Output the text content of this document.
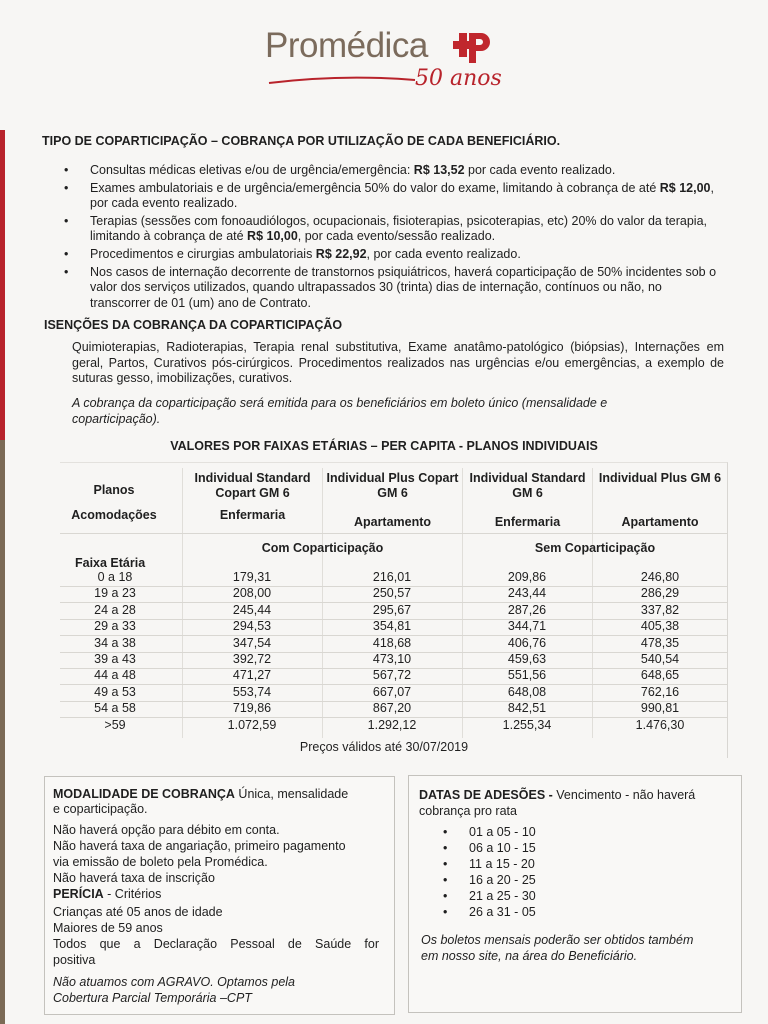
Promédica
50 anos
TIPO DE COPARTICIPAÇÃO – COBRANÇA POR UTILIZAÇÃO DE CADA BENEFICIÁRIO.
• Consultas médicas eletivas e/ou de urgência/emergência: R$ 13,52 por cada evento realizado.
• Exames ambulatoriais e de urgência/emergência 50% do valor do exame, limitando à cobrança de até R$ 12,00, por cada evento realizado.
• Terapias (sessões com fonoaudiólogos, ocupacionais, fisioterapias, psicoterapias, etc) 20% do valor da terapia, limitando à cobrança de até R$ 10,00, por cada evento/sessão realizado.
• Procedimentos e cirurgias ambulatoriais R$ 22,92, por cada evento realizado.
• Nos casos de internação decorrente de transtornos psiquiátricos, haverá coparticipação de 50% incidentes sob o valor dos serviços utilizados, quando ultrapassados 30 (trinta) dias de internação, contínuos ou não, no transcorrer de 01 (um) ano de Contrato.
ISENÇÕES DA COBRANÇA DA COPARTICIPAÇÃO
Quimioterapias, Radioterapias, Terapia renal substitutiva, Exame anatâmo-patológico (biópsias), Internações em geral, Partos, Curativos pós-cirúrgicos. Procedimentos realizados nas urgências e/ou emergências, a exemplo de suturas gesso, imobilizações, curativos.
A cobrança da coparticipação será emitida para os beneficiários em boleto único (mensalidade e coparticipação).
VALORES POR FAIXAS ETÁRIAS – PER CAPITA - PLANOS INDIVIDUAIS
Planos
Acomodações
Individual Standard Copart GM 6
Individual Plus Copart GM 6
Individual Standard GM 6
Individual Plus GM 6
Enfermaria	Apartamento	Enfermaria	Apartamento
Com Coparticipação	Sem Coparticipação
Faixa Etária
0 a 18	179,31	216,01	209,86	246,80
19 a 23	208,00	250,57	243,44	286,29
24 a 28	245,44	295,67	287,26	337,82
29 a 33	294,53	354,81	344,71	405,38
34 a 38	347,54	418,68	406,76	478,35
39 a 43	392,72	473,10	459,63	540,54
44 a 48	471,27	567,72	551,56	648,65
49 a 53	553,74	667,07	648,08	762,16
54 a 58	719,86	867,20	842,51	990,81
>59	1.072,59	1.292,12	1.255,34	1.476,30
Preços válidos até 30/07/2019
MODALIDADE DE COBRANÇA Única, mensalidade
e coparticipação.
Não haverá opção para débito em conta.
Não haverá taxa de angariação, primeiro pagamento
via emissão de boleto pela Promédica.
Não haverá taxa de inscrição
PERÍCIA - Critérios
Crianças até 05 anos de idade
Maiores de 59 anos
Todos que a Declaração Pessoal de Saúde for
positiva
Não atuamos com AGRAVO. Optamos pela
Cobertura Parcial Temporária –CPT
DATAS DE ADESÕES - Vencimento - não haverá
cobrança pro rata
Os boletos mensais poderão ser obtidos também
em nosso site, na área do Beneficiário.
• 01 a 05 - 10
• 06 a 10 - 15
• 11 a 15 - 20
• 16 a 20 - 25
• 21 a 25 - 30
• 26 a 31 - 05
